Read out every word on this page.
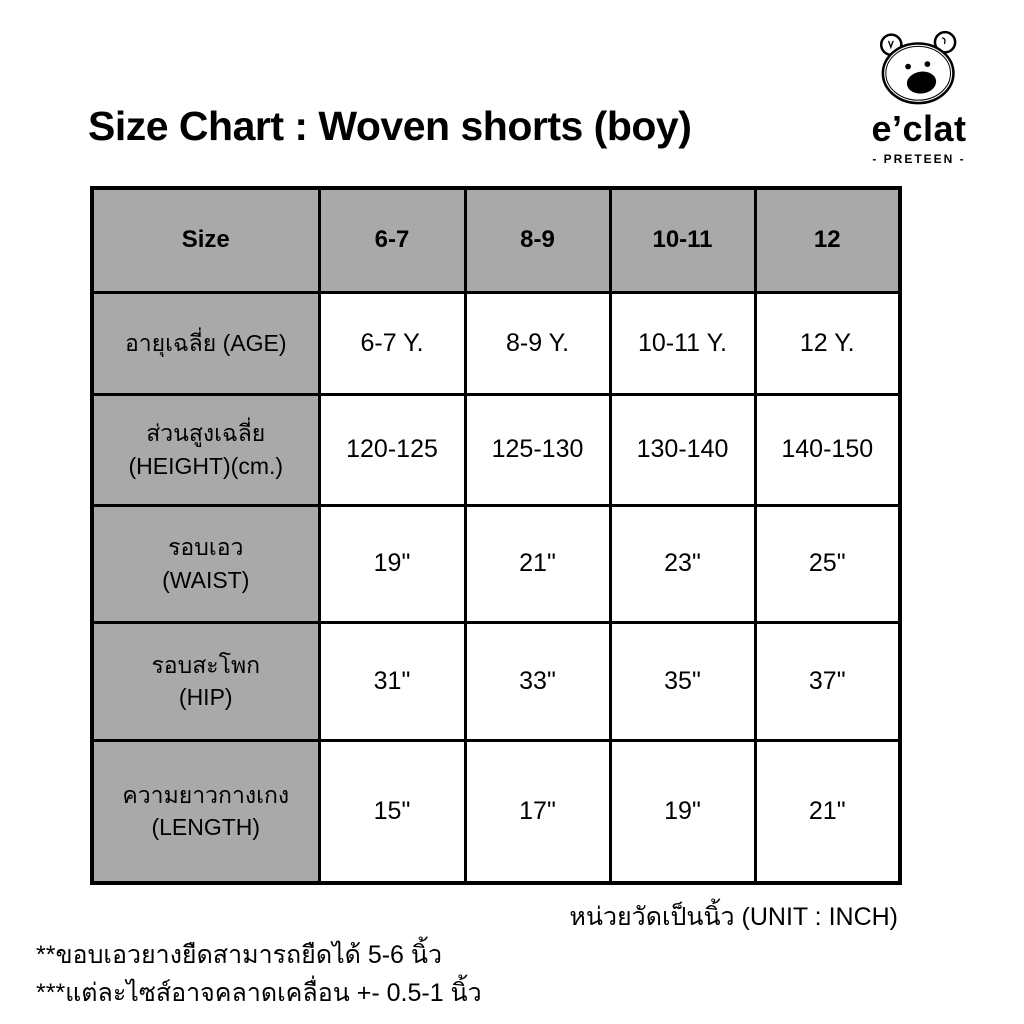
Size Chart : Woven shorts (boy)	e’clat
- PRETEEN -
Size	6-7	8-9	10-11	12

อายุเฉลี่ย (AGE)	6-7 Y.	8-9 Y.	10-11 Y.	12 Y.

ส่วนสูงเฉลี่ย
(HEIGHT)(cm.)	120-125	125-130	130-140	140-150

รอบเอว
(WAIST)	19"	21"	23"	25"

รอบสะโพก
(HIP)	31"	33"	35"	37"

ความยาวกางเกง
(LENGTH)	15"	17"	19"	21"
หน่วยวัดเป็นนิ้ว (UNIT : INCH)
**ขอบเอวยางยืดสามารถยืดได้ 5-6 นิ้ว
***แต่ละไซส์อาจคลาดเคลื่อน +- 0.5-1 นิ้ว
